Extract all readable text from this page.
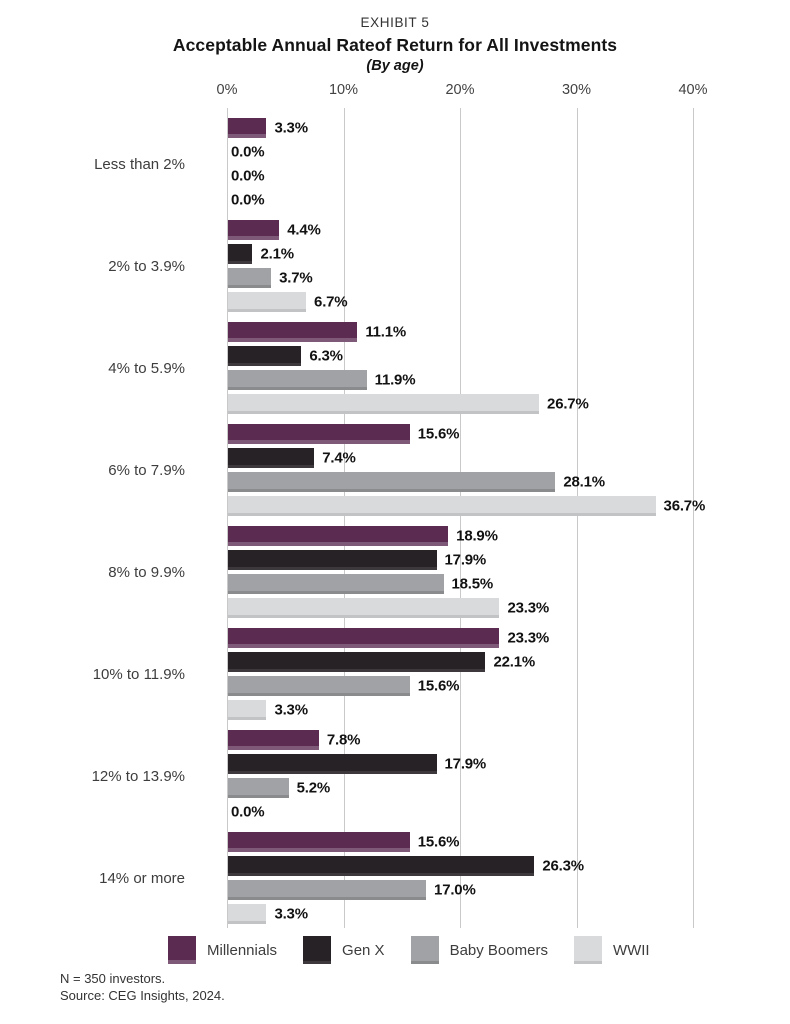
0%	10%	20%	30%	40%
Less than 2%
3.3%
0.0%
0.0%
0.0%
2% to 3.9%
4.4%
2.1%
3.7%
6.7%
4% to 5.9%
11.1%
6.3%
11.9%
26.7%
6% to 7.9%
15.6%
7.4%
28.1%
36.7%
8% to 9.9%
18.9%
17.9%
18.5%
23.3%
10% to 11.9%
23.3%
22.1%
15.6%
3.3%
12% to 13.9%
7.8%
17.9%
5.2%
0.0%
14% or more
15.6%
26.3%
17.0%
3.3%
EXHIBIT 5
Acceptable Annual Rateof Return for All Investments
(By age)
Millennials	Gen X	Baby Boomers	WWII
N = 350 investors.
Source: CEG Insights, 2024.
